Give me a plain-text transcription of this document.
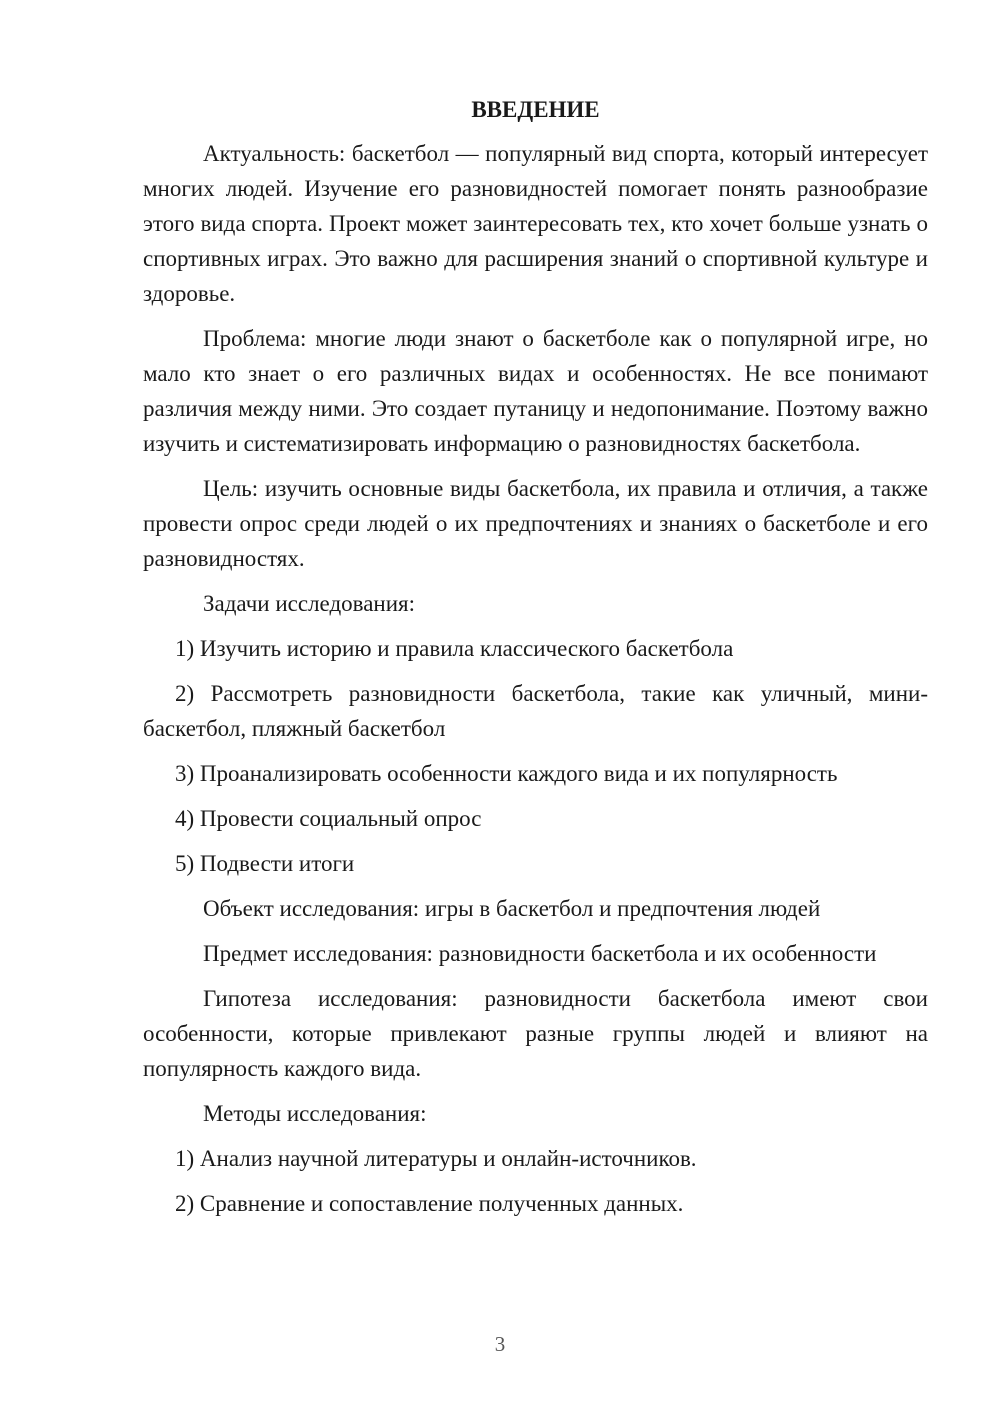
ВВЕДЕНИЕ

Актуальность: баскетбол — популярный вид спорта, который интересует многих людей. Изучение его разновидностей помогает понять разнообразие этого вида спорта. Проект может заинтересовать тех, кто хочет больше узнать о спортивных играх. Это важно для расширения знаний о спортивной культуре и здоровье.

Проблема: многие люди знают о баскетболе как о популярной игре, но мало кто знает о его различных видах и особенностях. Не все понимают различия между ними. Это создает путаницу и недопонимание. Поэтому важно изучить и систематизировать информацию о разновидностях баскетбола.

Цель: изучить основные виды баскетбола, их правила и отличия, а также провести опрос среди людей о их предпочтениях и знаниях о баскетболе и его разновидностях.

Задачи исследования:

1) Изучить историю и правила классического баскетбола

2) Рассмотреть разновидности баскетбола, такие как уличный, мини-баскетбол, пляжный баскетбол

3) Проанализировать особенности каждого вида и их популярность

4) Провести социальный опрос

5) Подвести итоги

Объект исследования: игры в баскетбол и предпочтения людей

Предмет исследования: разновидности баскетбола и их особенности

Гипотеза исследования: разновидности баскетбола имеют свои особенности, которые привлекают разные группы людей и влияют на популярность каждого вида.

Методы исследования:

1) Анализ научной литературы и онлайн-источников.

2) Сравнение и сопоставление полученных данных.

3
